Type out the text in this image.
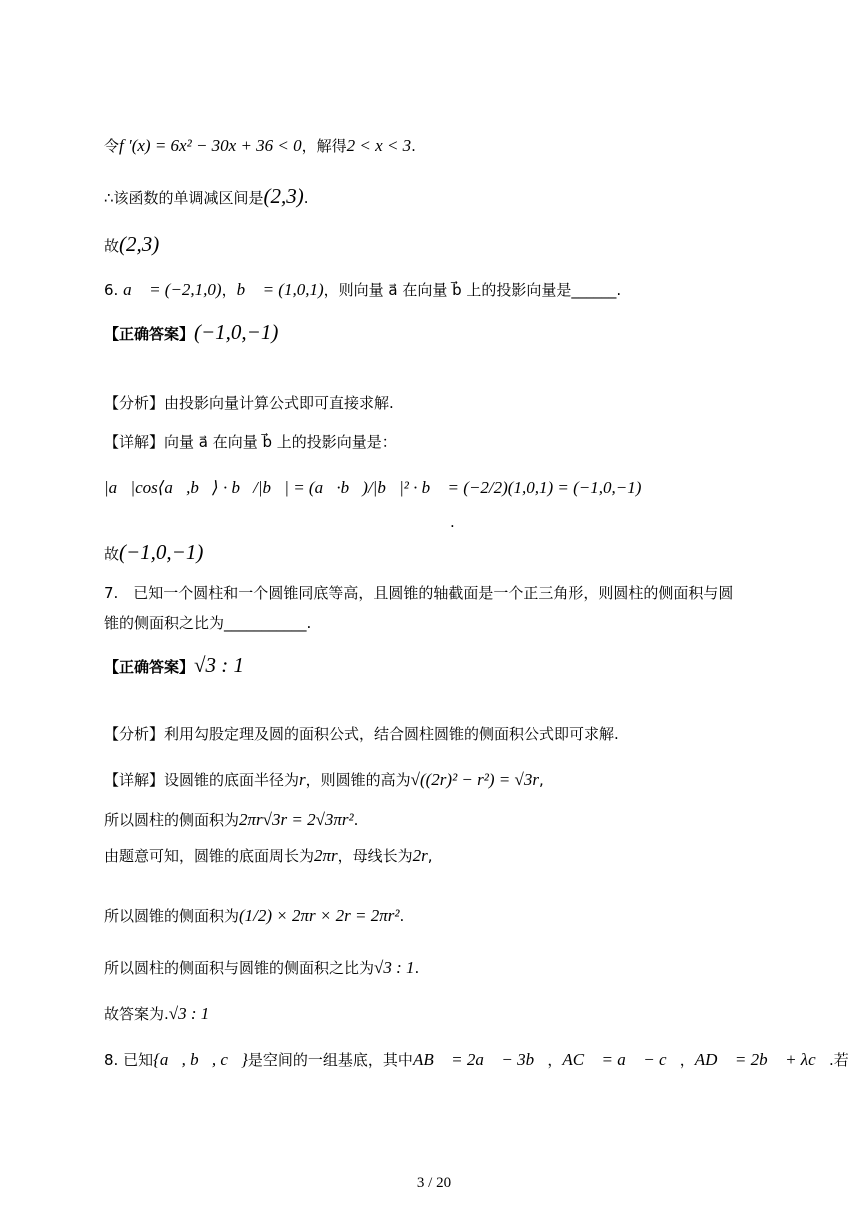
令f ′(x) = 6x² − 30x + 36 < 0，解得2 < x < 3.
∴该函数的单调减区间是(2,3).
故(2,3)
6. a⃗ = (−2,1,0)，b⃗ = (1,0,1)，则向量 a⃗ 在向量 b⃗ 上的投影向量是______.
【正确答案】(−1,0,−1)
【分析】由投影向量计算公式即可直接求解.
【详解】向量 a⃗ 在向量 b⃗ 上的投影向量是：
|a⃗|cos⟨a⃗,b⃗⟩ · b⃗/|b⃗| = (a⃗·b⃗)/|b⃗|² · b⃗ = (−2/2)(1,0,1) = (−1,0,−1)
.
故(−1,0,−1)
7.　已知一个圆柱和一个圆锥同底等高，且圆锥的轴截面是一个正三角形，则圆柱的侧面积与圆
锥的侧面积之比为___________.
【正确答案】√3 : 1
【分析】利用勾股定理及圆的面积公式，结合圆柱圆锥的侧面积公式即可求解.
【详解】设圆锥的底面半径为r，则圆锥的高为√((2r)² − r²) = √3r,
所以圆柱的侧面积为2πr√3r = 2√3πr².
由题意可知，圆锥的底面周长为2πr，母线长为2r,
所以圆锥的侧面积为(1/2) × 2πr × 2r = 2πr².
所以圆柱的侧面积与圆锥的侧面积之比为√3 : 1.
故答案为.√3 : 1
8. 已知{a⃗, b⃗, c⃗}是空间的一组基底，其中AB⃗ = 2a⃗ − 3b⃗，AC⃗ = a⃗ − c⃗，AD⃗ = 2b⃗ + λc⃗.若
3 / 20
